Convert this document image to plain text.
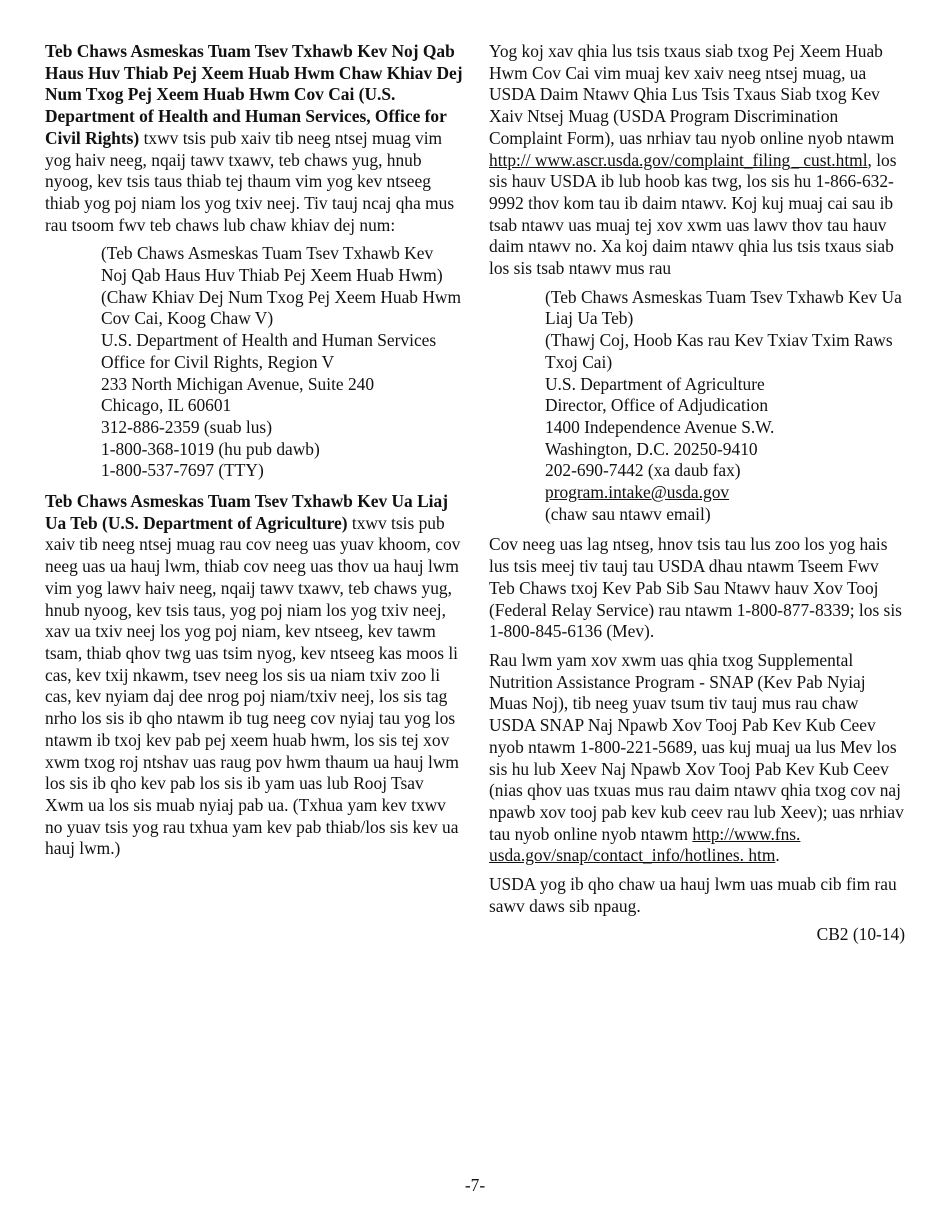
Teb Chaws Asmeskas Tuam Tsev Txhawb Kev Noj Qab Haus Huv Thiab Pej Xeem Huab Hwm Chaw Khiav Dej Num Txog Pej Xeem Huab Hwm Cov Cai (U.S. Department of Health and Human Services, Office for Civil Rights) txwv tsis pub xaiv tib neeg ntsej muag vim yog haiv neeg, nqaij tawv txawv, teb chaws yug, hnub nyoog, kev tsis taus thiab tej thaum vim yog kev ntseeg thiab yog poj niam los yog txiv neej. Tiv tauj ncaj qha mus rau tsoom fwv teb chaws lub chaw khiav dej num:

(Teb Chaws Asmeskas Tuam Tsev Txhawb Kev Noj Qab Haus Huv Thiab Pej Xeem Huab Hwm)
(Chaw Khiav Dej Num Txog Pej Xeem Huab Hwm Cov Cai, Koog Chaw V)
U.S. Department of Health and Human Services
Office for Civil Rights, Region V
233 North Michigan Avenue, Suite 240
Chicago, IL 60601
312-886-2359 (suab lus)
1-800-368-1019 (hu pub dawb)
1-800-537-7697 (TTY)

Teb Chaws Asmeskas Tuam Tsev Txhawb Kev Ua Liaj Ua Teb (U.S. Department of Agriculture) txwv tsis pub xaiv tib neeg ntsej muag rau cov neeg uas yuav khoom, cov neeg uas ua hauj lwm, thiab cov neeg uas thov ua hauj lwm vim yog lawv haiv neeg, nqaij tawv txawv, teb chaws yug, hnub nyoog, kev tsis taus, yog poj niam los yog txiv neej, xav ua txiv neej los yog poj niam, kev ntseeg, kev tawm tsam, thiab qhov twg uas tsim nyog, kev ntseeg kas moos li cas, kev txij nkawm, tsev neeg los sis ua niam txiv zoo li cas, kev nyiam daj dee nrog poj niam/txiv neej, los sis tag nrho los sis ib qho ntawm ib tug neeg cov nyiaj tau yog los ntawm ib txoj kev pab pej xeem huab hwm, los sis tej xov xwm txog roj ntshav uas raug pov hwm thaum ua hauj lwm los sis ib qho kev pab los sis ib yam uas lub Rooj Tsav Xwm ua los sis muab nyiaj pab ua. (Txhua yam kev txwv no yuav tsis yog rau txhua yam kev pab thiab/los sis kev ua hauj lwm.)

Yog koj xav qhia lus tsis txaus siab txog Pej Xeem Huab Hwm Cov Cai vim muaj kev xaiv neeg ntsej muag, ua USDA Daim Ntawv Qhia Lus Tsis Txaus Siab txog Kev Xaiv Ntsej Muag (USDA Program Discrimination Complaint Form), uas nrhiav tau nyob online nyob ntawm http:// www.ascr.usda.gov/complaint_filing_ cust.html, los sis hauv USDA ib lub hoob kas twg, los sis hu 1-866-632-9992 thov kom tau ib daim ntawv. Koj kuj muaj cai sau ib tsab ntawv uas muaj tej xov xwm uas lawv thov tau hauv daim ntawv no. Xa koj daim ntawv qhia lus tsis txaus siab los sis tsab ntawv mus rau

(Teb Chaws Asmeskas Tuam Tsev Txhawb Kev Ua Liaj Ua Teb)
(Thawj Coj, Hoob Kas rau Kev Txiav Txim Raws Txoj Cai)
U.S. Department of Agriculture
Director, Office of Adjudication
1400 Independence Avenue S.W.
Washington, D.C. 20250-9410
202-690-7442 (xa daub fax)
program.intake@usda.gov
(chaw sau ntawv email)

Cov neeg uas lag ntseg, hnov tsis tau lus zoo los yog hais lus tsis meej tiv tauj tau USDA dhau ntawm Tseem Fwv Teb Chaws txoj Kev Pab Sib Sau Ntawv hauv Xov Tooj (Federal Relay Service) rau ntawm 1-800-877-8339; los sis 1-800-845-6136 (Mev).

Rau lwm yam xov xwm uas qhia txog Supplemental Nutrition Assistance Program - SNAP (Kev Pab Nyiaj Muas Noj), tib neeg yuav tsum tiv tauj mus rau chaw USDA SNAP Naj Npawb Xov Tooj Pab Kev Kub Ceev nyob ntawm 1-800-221-5689, uas kuj muaj ua lus Mev los sis hu lub Xeev Naj Npawb Xov Tooj Pab Kev Kub Ceev (nias qhov uas txuas mus rau daim ntawv qhia txog cov naj npawb xov tooj pab kev kub ceev rau lub Xeev); uas nrhiav tau nyob online nyob ntawm http://www.fns. usda.gov/snap/contact_info/hotlines. htm.

USDA yog ib qho chaw ua hauj lwm uas muab cib fim rau sawv daws sib npaug.

CB2 (10-14)
-7-
